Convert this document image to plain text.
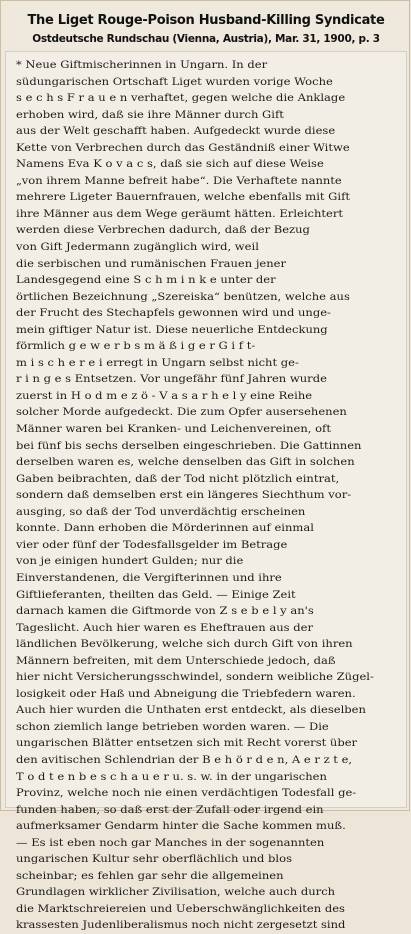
The Liget Rouge-Poison Husband-Killing Syndicate
Ostdeutsche Rundschau (Vienna, Austria), Mar. 31, 1900, p. 3
* Neue Giftmischerinnen in Ungarn. In der
südungarischen Ortschaft Liget wurden vorige Woche
s e c h s F r a u e n verhaftet, gegen welche die Anklage
erhoben wird, daß sie ihre Männer durch Gift
aus der Welt geschafft haben. Aufgedeckt wurde diese
Kette von Verbrechen durch das Geständniß einer Witwe
Namens Eva K o v a c s, daß sie sich auf diese Weise
„von ihrem Manne befreit habe“. Die Verhaftete nannte
mehrere Ligeter Bauernfrauen, welche ebenfalls mit Gift
ihre Männer aus dem Wege geräumt hätten. Erleichtert
werden diese Verbrechen dadurch, daß der Bezug
von Gift Jedermann zugänglich wird, weil
die serbischen und rumänischen Frauen jener
Landesgegend eine S c h m i n k e unter der
örtlichen Bezeichnung „Szereiska“ benützen, welche aus
der Frucht des Stechapfels gewonnen wird und unge-
mein giftiger Natur ist. Diese neuerliche Entdeckung
förmlich g e w e r b s m ä ß i g e r G i f t-
m i s c h e r e i erregt in Ungarn selbst nicht ge-
r i n g e s Entsetzen. Vor ungefähr fünf Jahren wurde
zuerst in H o d m e z ö - V a s a r h e l y eine Reihe
solcher Morde aufgedeckt. Die zum Opfer ausersehenen
Männer waren bei Kranken- und Leichenvereinen, oft
bei fünf bis sechs derselben eingeschrieben. Die Gattinnen
derselben waren es, welche denselben das Gift in solchen
Gaben beibrachten, daß der Tod nicht plötzlich eintrat,
sondern daß demselben erst ein längeres Siechthum vor-
ausging, so daß der Tod unverdächtig erscheinen
konnte. Dann erhoben die Mörderinnen auf einmal
vier oder fünf der Todesfallsgelder im Betrage
von je einigen hundert Gulden; nur die
Einverstandenen, die Vergifterinnen und ihre
Giftlieferanten, theilten das Geld. — Einige Zeit
darnach kamen die Giftmorde von Z s e b e l y an's
Tageslicht. Auch hier waren es Eheftrauen aus der
ländlichen Bevölkerung, welche sich durch Gift von ihren
Männern befreiten, mit dem Unterschiede jedoch, daß
hier nicht Versicherungsschwindel, sondern weibliche Zügel-
losigkeit oder Haß und Abneigung die Triebfedern waren.
Auch hier wurden die Unthaten erst entdeckt, als dieselben
schon ziemlich lange betrieben worden waren. — Die
ungarischen Blätter entsetzen sich mit Recht vorerst über
den avitischen Schlendrian der B e h ö r d e n, A e r z t e,
T o d t e n b e s c h a u e r u. s. w. in der ungarischen
Provinz, welche noch nie einen verdächtigen Todesfall ge-
funden haben, so daß erst der Zufall oder irgend ein
aufmerksamer Gendarm hinter die Sache kommen muß.
— Es ist eben noch gar Manches in der sogenannten
ungarischen Kultur sehr oberflächlich und blos
scheinbar; es fehlen gar sehr die allgemeinen
Grundlagen wirklicher Zivilisation, welche auch durch
die Marktschreiereien und Ueberschwänglichkeiten des
krassesten Judenliberalismus noch nicht zergesetzt sind
